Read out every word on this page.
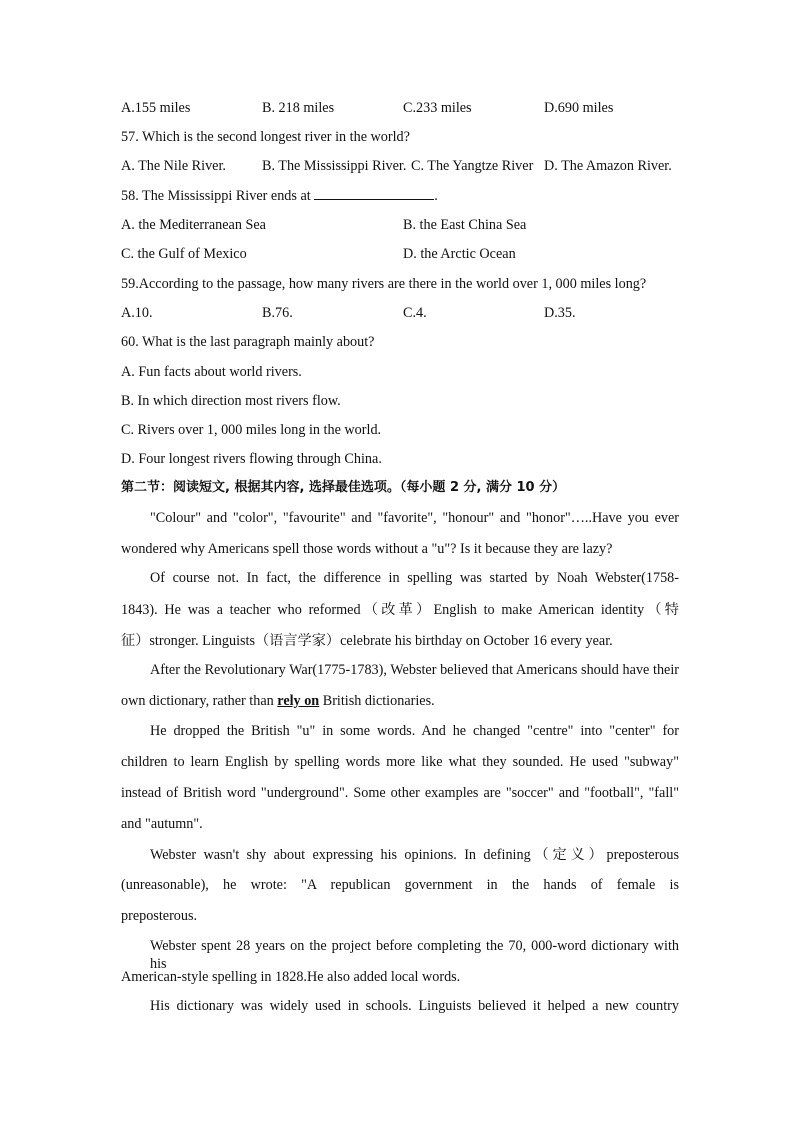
A.155 miles	B. 218 miles	C.233 miles	D.690 miles
57. Which is the second longest river in the world?
A. The Nile River.	B. The Mississippi River. C. The Yangtze River D. The Amazon River.
58. The Mississippi River ends at	.
A. the Mediterranean Sea	B. the East China Sea
C. the Gulf of Mexico	D. the Arctic Ocean
59.According to the passage, how many rivers are there in the world over 1, 000 miles long?
A.10.	B.76.	C.4.	D.35.
60. What is the last paragraph mainly about?
A. Fun facts about world rivers.
B. In which direction most rivers flow.
C. Rivers over 1, 000 miles long in the world.
D. Four longest rivers flowing through China.
第二节：阅读短文, 根据其内容, 选择最佳选项。（每小题 2 分, 满分 10 分）
"Colour" and "color", "favourite" and "favorite", "honour" and "honor"…..Have you ever
wondered why Americans spell those words without a "u"? Is it because they are lazy?
Of course not. In fact, the difference in spelling was started by Noah Webster(1758-
1843). He was a teacher who reformed（改革）English to make American identity（特
征）stronger. Linguists（语言学家）celebrate his birthday on October 16 every year.
After the Revolutionary War(1775-1783), Webster believed that Americans should have their
own dictionary, rather than rely on British dictionaries.
He dropped the British "u" in some words. And he changed "centre" into "center" for
children to learn English by spelling words more like what they sounded. He used "subway"
instead of British word "underground". Some other examples are "soccer" and "football", "fall"
and "autumn".
Webster wasn't shy about expressing his opinions. In defining（定义）preposterous
(unreasonable), he wrote: "A republican government in the hands of female is
preposterous.
Webster spent 28 years on the project before completing the 70, 000-word dictionary with his
American-style spelling in 1828.He also added local words.
His dictionary was widely used in schools. Linguists believed it helped a new country
